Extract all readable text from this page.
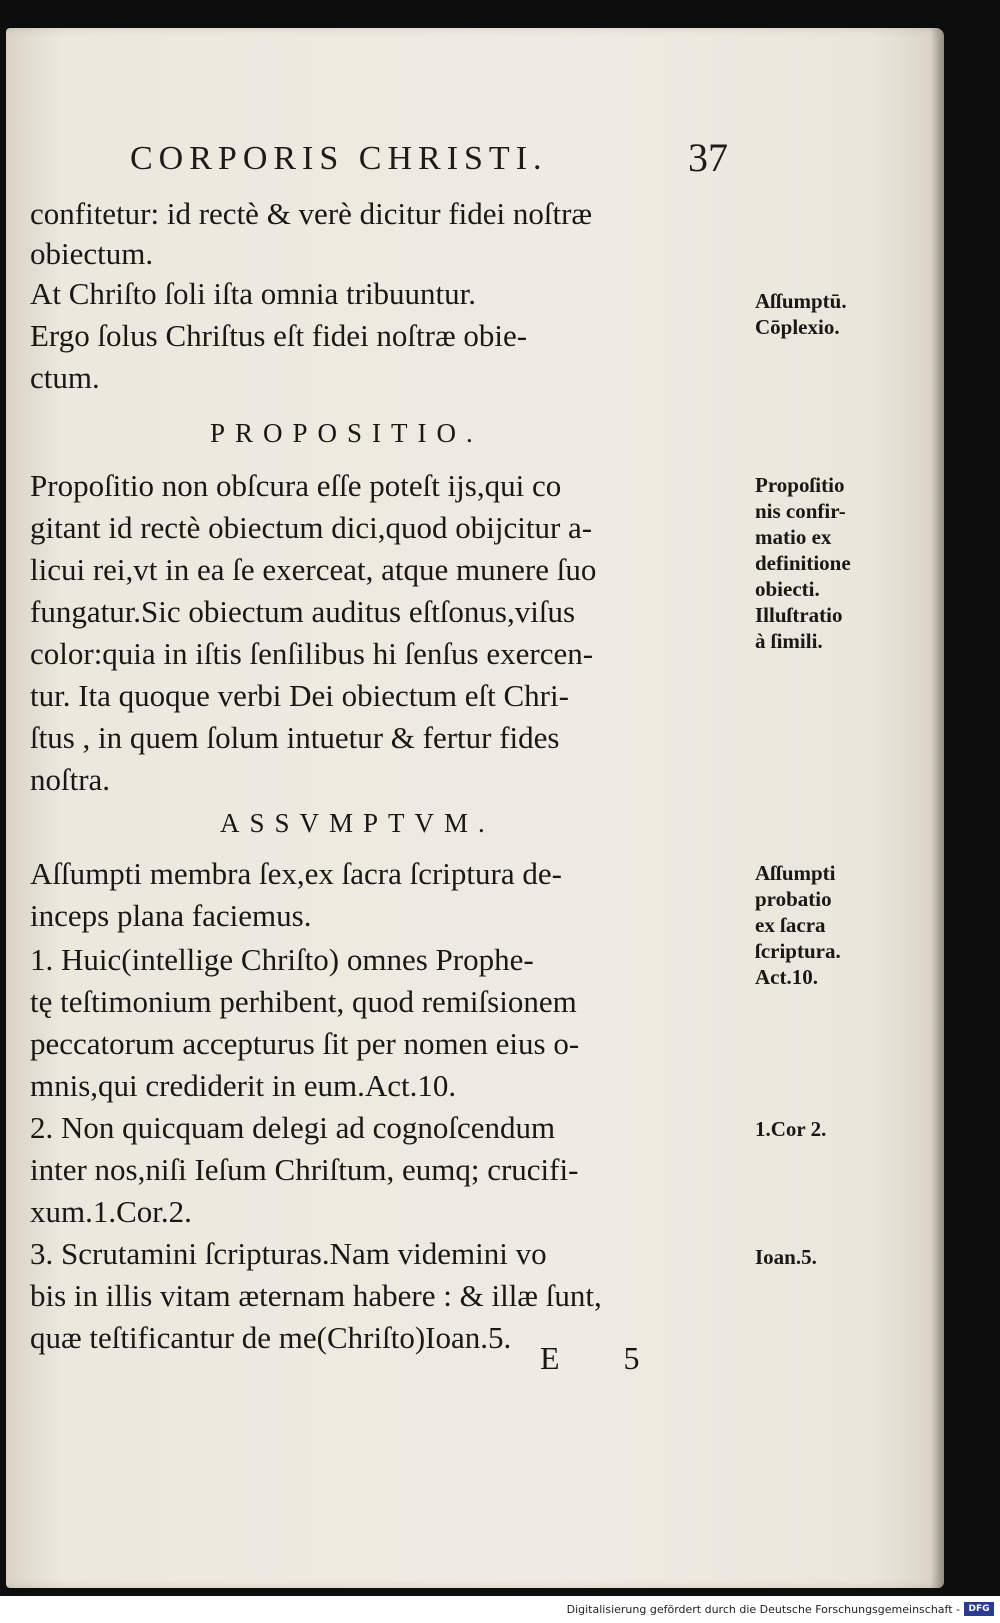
CORPORIS CHRISTI.	37
confitetur: id rectè & verè dicitur fidei noſtræ
obiectum.
At Chriſto ſoli iſta omnia tribuuntur.
Ergo ſolus Chriſtus eſt fidei noſtræ obie-
ctum.
PROPOSITIO.
Propoſitio non obſcura eſſe poteſt ijs,qui co
gitant id rectè obiectum dici,quod obijcitur a-
licui rei,vt in ea ſe exerceat, atque munere ſuo
fungatur.Sic obiectum auditus eſtſonus,viſus
color:quia in iſtis ſenſilibus hi ſenſus exercen-
tur. Ita quoque verbi Dei obiectum eſt Chri-
ſtus , in quem ſolum intuetur & fertur fides
noſtra.
ASSVMPTVM.
Aſſumpti membra ſex,ex ſacra ſcriptura de-
inceps plana faciemus.
1. Huic(intellige Chriſto) omnes Prophe-
tę teſtimonium perhibent, quod remiſsionem
peccatorum accepturus ſit per nomen eius o-
mnis,qui crediderit in eum.Act.10.
2. Non quicquam delegi ad cognoſcendum
inter nos,niſi Ieſum Chriſtum, eumq; crucifi-
xum.1.Cor.2.
3. Scrutamini ſcripturas.Nam videmini vo
bis in illis vitam æternam habere : & illæ ſunt,
quæ teſtificantur de me(Chriſto)Ioan.5.
Aſſumptū.
Cōplexio.
Propoſitio
nis confir-
matio ex
definitione
obiecti.
Illuſtratio
à ſimili.
Aſſumpti
probatio
ex ſacra
ſcriptura.
Act.10.
1.Cor 2.
Ioan.5.
E 5
Digitalisierung gefördert durch die Deutsche Forschungsgemeinschaft - DFG
